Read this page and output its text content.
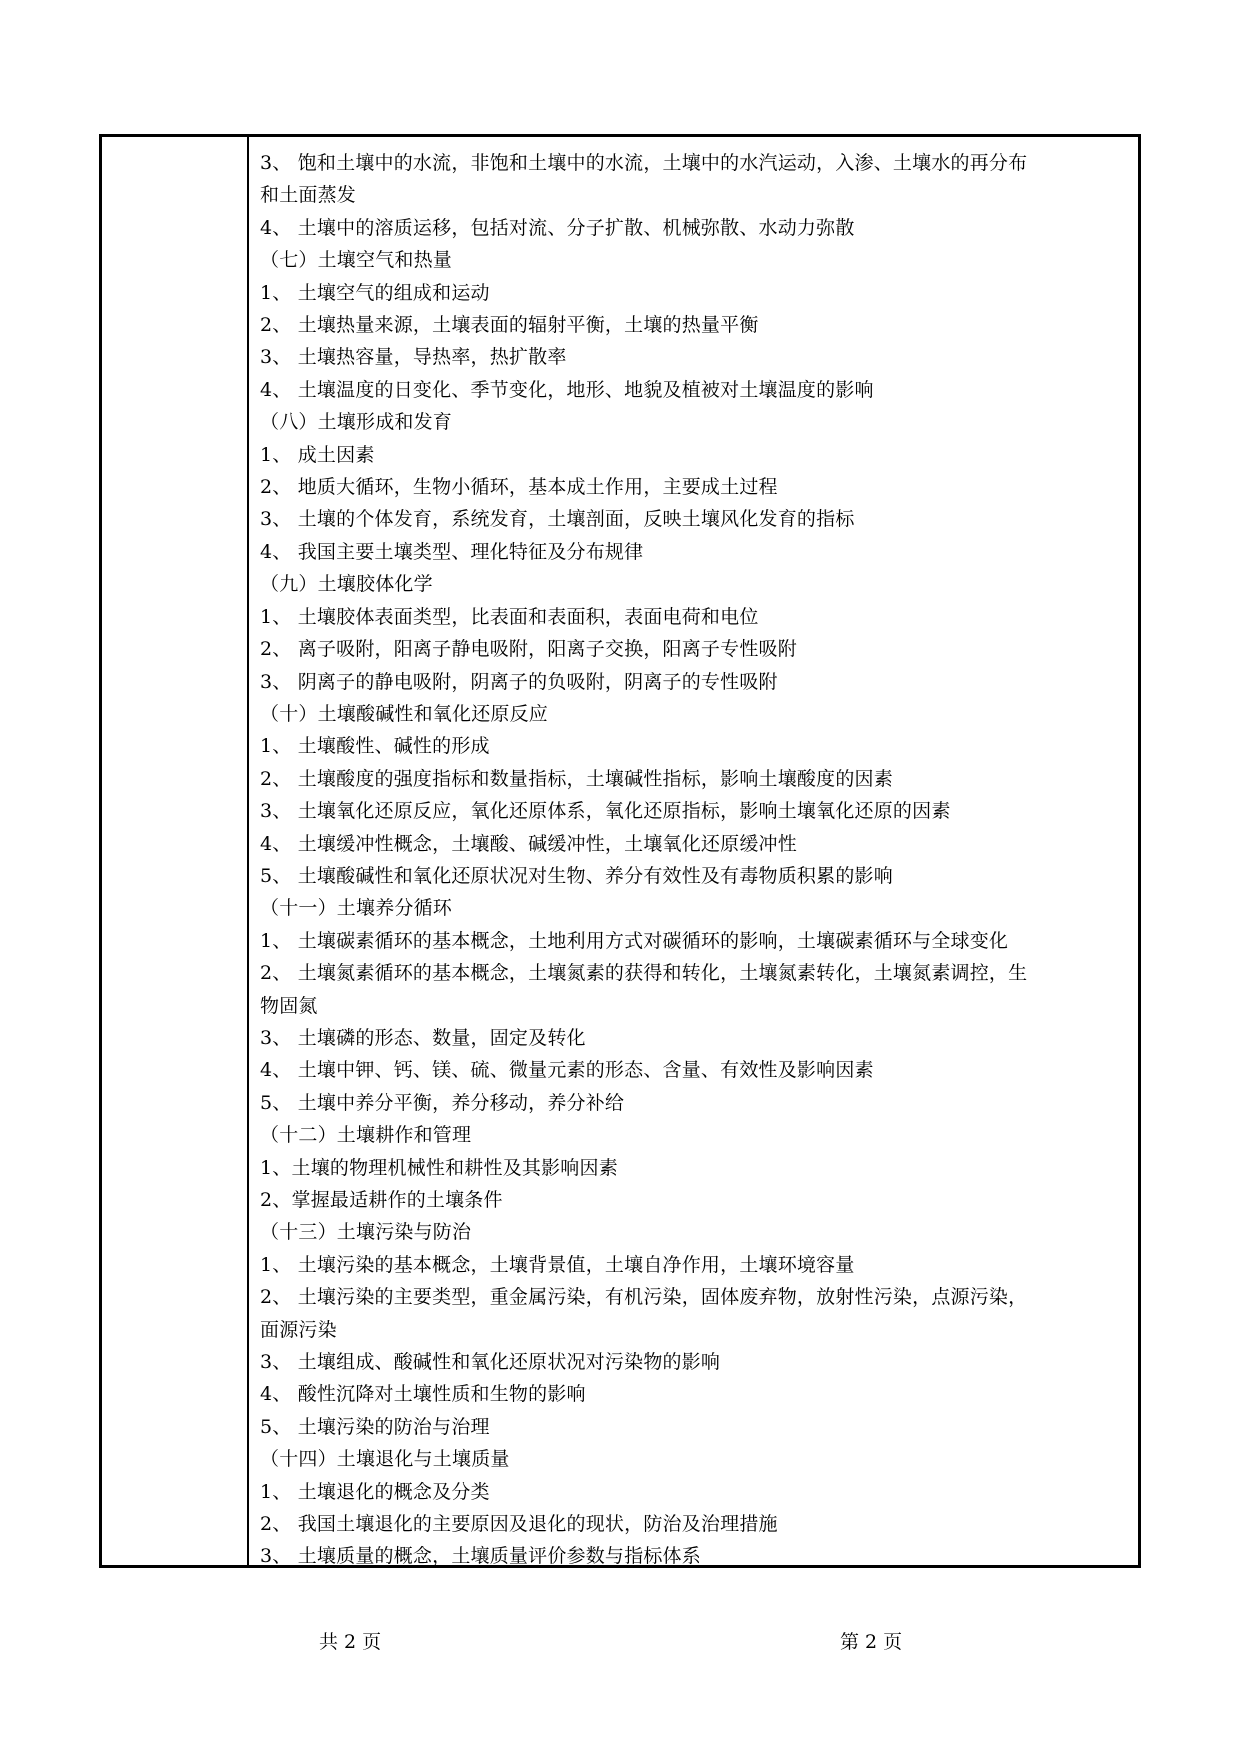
3、 饱和土壤中的水流，非饱和土壤中的水流，土壤中的水汽运动，入渗、土壤水的再分布
和土面蒸发
4、 土壤中的溶质运移，包括对流、分子扩散、机械弥散、水动力弥散
（七）土壤空气和热量
1、 土壤空气的组成和运动
2、 土壤热量来源，土壤表面的辐射平衡，土壤的热量平衡
3、 土壤热容量，导热率，热扩散率
4、 土壤温度的日变化、季节变化，地形、地貌及植被对土壤温度的影响
（八）土壤形成和发育
1、 成土因素
2、 地质大循环，生物小循环，基本成土作用，主要成土过程
3、 土壤的个体发育，系统发育，土壤剖面，反映土壤风化发育的指标
4、 我国主要土壤类型、理化特征及分布规律
（九）土壤胶体化学
1、 土壤胶体表面类型，比表面和表面积，表面电荷和电位
2、 离子吸附，阳离子静电吸附，阳离子交换，阳离子专性吸附
3、 阴离子的静电吸附，阴离子的负吸附，阴离子的专性吸附
（十）土壤酸碱性和氧化还原反应
1、 土壤酸性、碱性的形成
2、 土壤酸度的强度指标和数量指标，土壤碱性指标，影响土壤酸度的因素
3、 土壤氧化还原反应，氧化还原体系，氧化还原指标，影响土壤氧化还原的因素
4、 土壤缓冲性概念，土壤酸、碱缓冲性，土壤氧化还原缓冲性
5、 土壤酸碱性和氧化还原状况对生物、养分有效性及有毒物质积累的影响
（十一）土壤养分循环
1、 土壤碳素循环的基本概念，土地利用方式对碳循环的影响，土壤碳素循环与全球变化
2、 土壤氮素循环的基本概念，土壤氮素的获得和转化，土壤氮素转化，土壤氮素调控，生
物固氮
3、 土壤磷的形态、数量，固定及转化
4、 土壤中钾、钙、镁、硫、微量元素的形态、含量、有效性及影响因素
5、 土壤中养分平衡，养分移动，养分补给
（十二）土壤耕作和管理
1、土壤的物理机械性和耕性及其影响因素
2、掌握最适耕作的土壤条件
（十三）土壤污染与防治
1、 土壤污染的基本概念，土壤背景值，土壤自净作用，土壤环境容量
2、 土壤污染的主要类型，重金属污染，有机污染，固体废弃物，放射性污染，点源污染，
面源污染
3、 土壤组成、酸碱性和氧化还原状况对污染物的影响
4、 酸性沉降对土壤性质和生物的影响
5、 土壤污染的防治与治理
（十四）土壤退化与土壤质量
1、 土壤退化的概念及分类
2、 我国土壤退化的主要原因及退化的现状，防治及治理措施
3、 土壤质量的概念，土壤质量评价参数与指标体系
共 2 页	第 2 页
